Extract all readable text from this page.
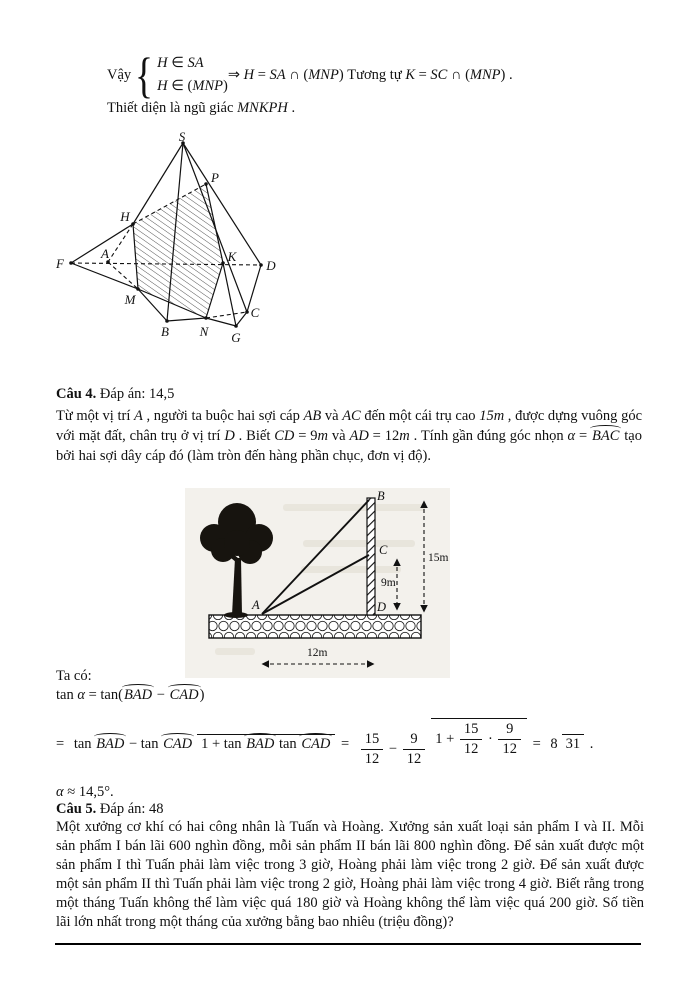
Vậy { H ∈ SA
H ∈ (MNP)
⇒ H = SA ∩ (MNP) Tương tự K = SC ∩ (MNP) .
Thiết diện là ngũ giác MNKPH .
S
P
H
F
A	K
D
M
B N
C
G
Câu 4. Đáp án: 14,5
Từ một vị trí A , người ta buộc hai sợi cáp AB và AC đến một cái trụ cao 15m , được dựng vuông góc với mặt đất, chân trụ ở vị trí D . Biết CD = 9m và AD = 12m . Tính gần đúng góc nhọn α = BAC tạo bởi hai sợi dây cáp đó (làm tròn đến hàng phần chục, đơn vị độ).
B
C
D
A
9m
15m
12m
Ta có:
tan α = tan( BAD − CAD )
= tan BAD − tan CAD 1 + tan BAD tan CAD = $\frac{15}{12} - \frac{9}{12} 1 + \frac{15}{12} \cdot \frac{9}{12} = 8$ 31 .
α ≈ 14,5°.
Câu 5. Đáp án: 48
Một xưởng cơ khí có hai công nhân là Tuấn và Hoàng. Xưởng sản xuất loại sản phẩm I và II. Mỗi sản phẩm I bán lãi 600 nghìn đồng, mỗi sản phẩm II bán lãi 800 nghìn đồng. Để sản xuất được một sản phẩm I thì Tuấn phải làm việc trong 3 giờ, Hoàng phải làm việc trong 2 giờ. Để sản xuất được một sản phẩm II thì Tuấn phải làm việc trong 2 giờ, Hoàng phải làm việc trong 4 giờ. Biết rằng trong một tháng Tuấn không thể làm việc quá 180 giờ và Hoàng không thể làm việc quá 200 giờ. Số tiền lãi lớn nhất trong một tháng của xưởng bằng bao nhiêu (triệu đồng)?
